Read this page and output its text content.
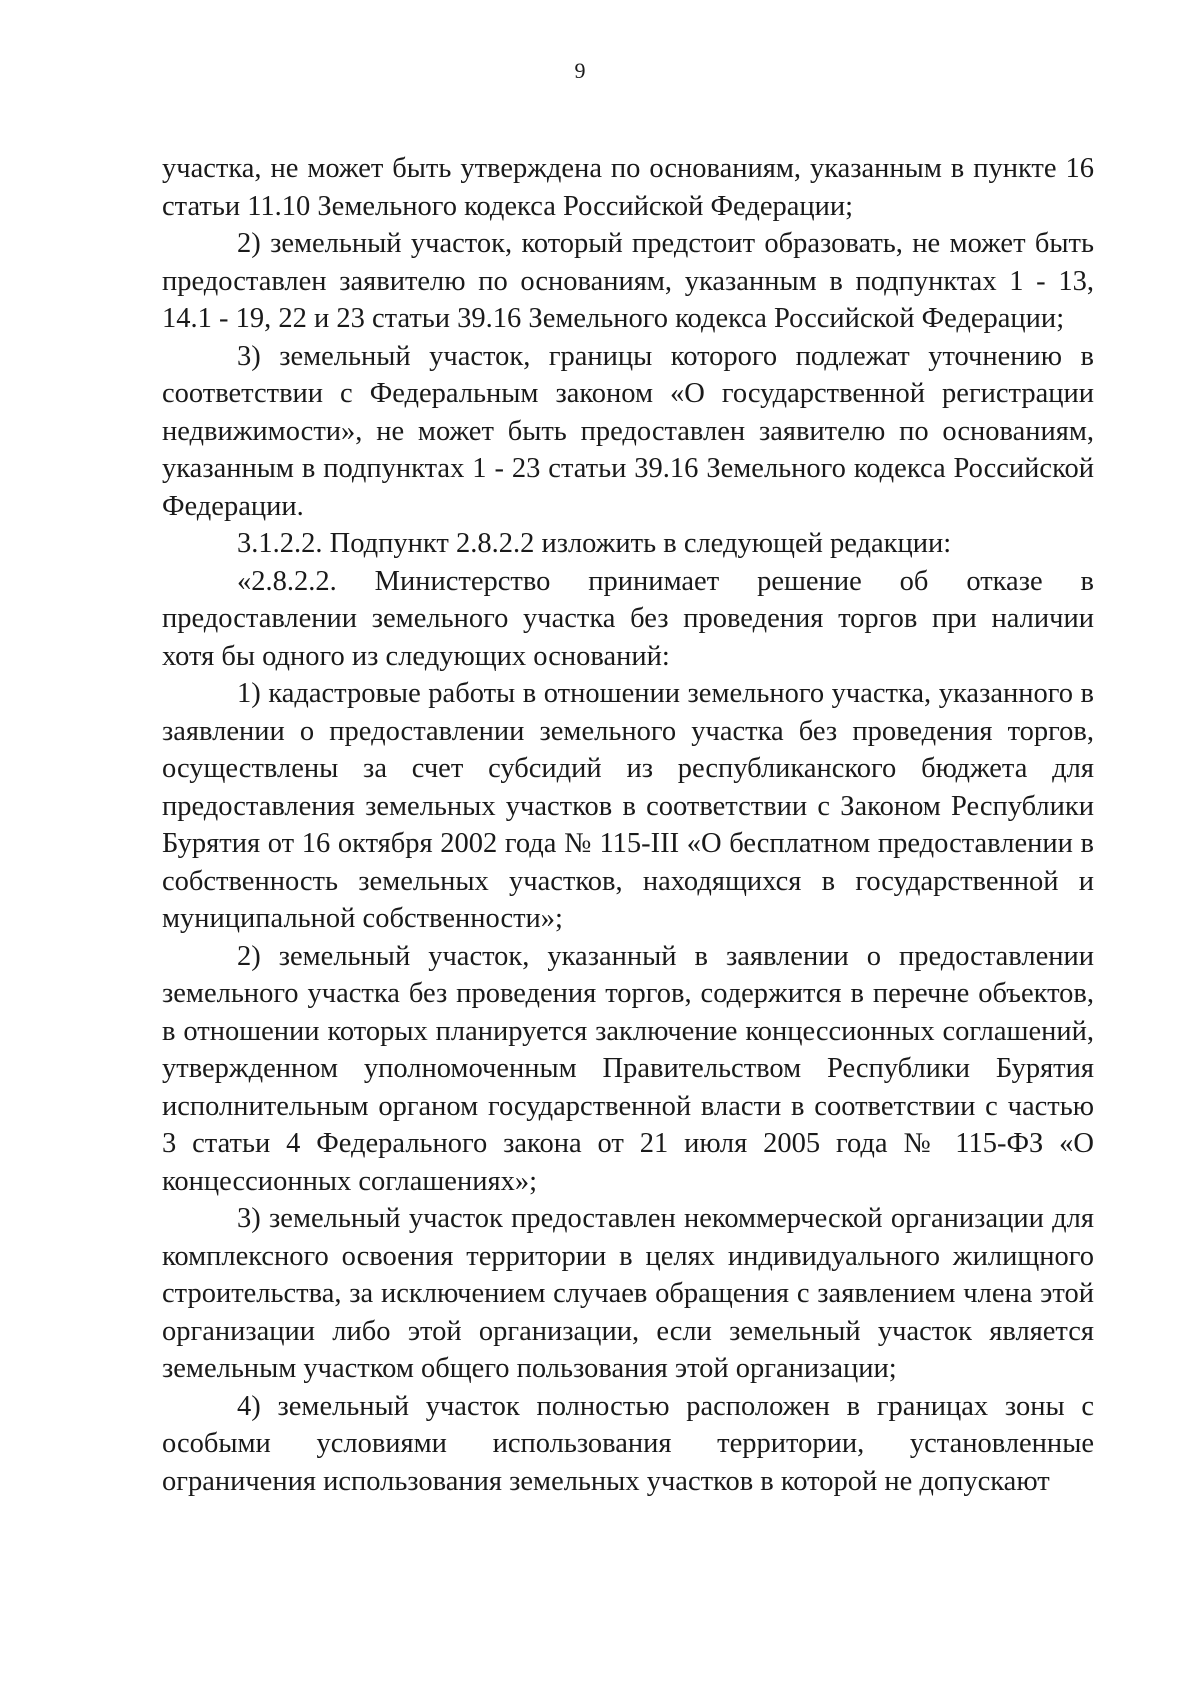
9

участка, не может быть утверждена по основаниям, указанным в пункте 16 статьи 11.10 Земельного кодекса Российской Федерации;

2) земельный участок, который предстоит образовать, не может быть предоставлен заявителю по основаниям, указанным в подпунктах 1 - 13, 14.1 - 19, 22 и 23 статьи 39.16 Земельного кодекса Российской Федерации;

3) земельный участок, границы которого подлежат уточнению в соответствии с Федеральным законом «О государственной регистрации недвижимости», не может быть предоставлен заявителю по основаниям, указанным в подпунктах 1 - 23 статьи 39.16 Земельного кодекса Российской Федерации.

3.1.2.2. Подпункт 2.8.2.2 изложить в следующей редакции:

«2.8.2.2. Министерство принимает решение об отказе в предоставлении земельного участка без проведения торгов при наличии хотя бы одного из следующих оснований:

1) кадастровые работы в отношении земельного участка, указанного в заявлении о предоставлении земельного участка без проведения торгов, осуществлены за счет субсидий из республиканского бюджета для предоставления земельных участков в соответствии с Законом Республики Бурятия от 16 октября 2002 года № 115-III «О бесплатном предоставлении в собственность земельных участков, находящихся в государственной и муниципальной собственности»;

2) земельный участок, указанный в заявлении о предоставлении земельного участка без проведения торгов, содержится в перечне объектов, в отношении которых планируется заключение концессионных соглашений, утвержденном уполномоченным Правительством Республики Бурятия исполнительным органом государственной власти в соответствии с частью 3 статьи 4 Федерального закона от 21 июля 2005 года № 115-ФЗ «О концессионных соглашениях»;

3) земельный участок предоставлен некоммерческой организации для комплексного освоения территории в целях индивидуального жилищного строительства, за исключением случаев обращения с заявлением члена этой организации либо этой организации, если земельный участок является земельным участком общего пользования этой организации;

4) земельный участок полностью расположен в границах зоны с особыми условиями использования территории, установленные ограничения использования земельных участков в которой не допускают
